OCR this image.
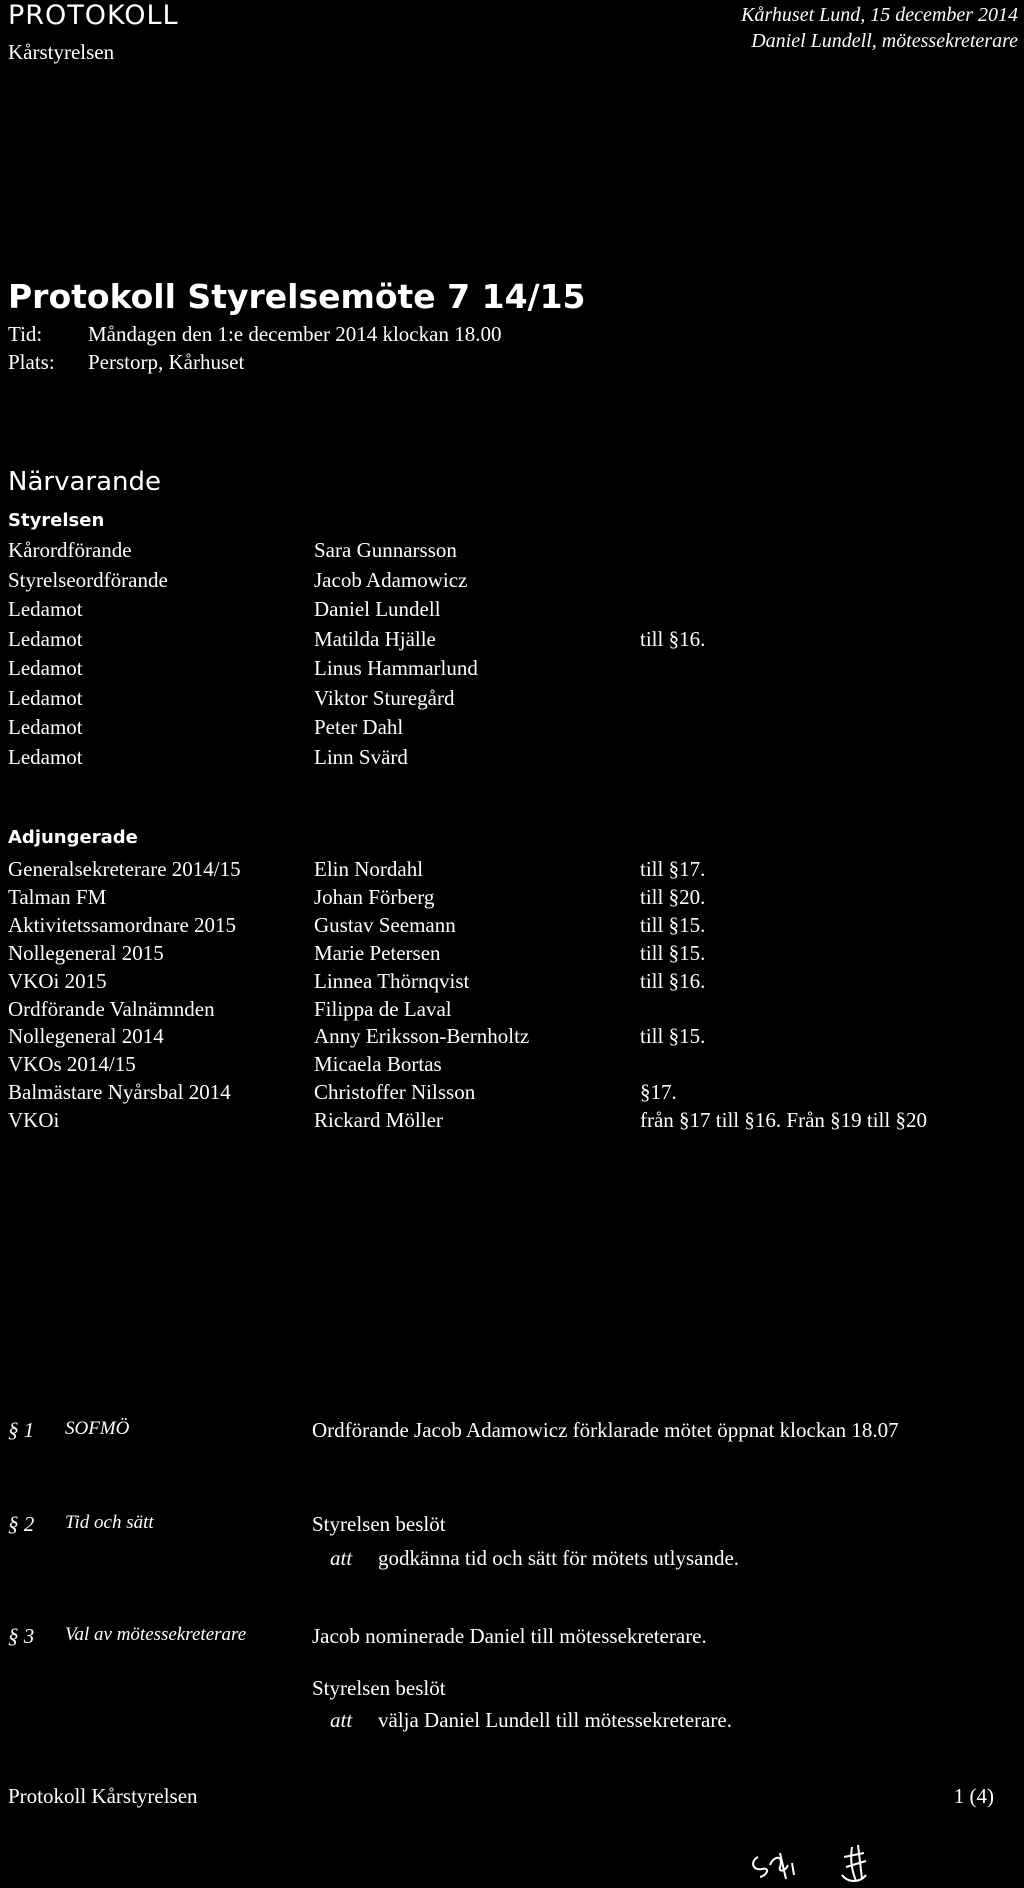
PROTOKOLL
Kårstyrelsen
Kårhuset Lund, 15 december 2014
Daniel Lundell, mötessekreterare
Protokoll Styrelsemöte 7 14/15
Tid: Måndagen den 1:e december 2014 klockan 18.00
Plats: Perstorp, Kårhuset
Närvarande
Styrelsen
Kårordförande	Sara Gunnarsson
Styrelseordförande	Jacob Adamowicz
Ledamot	Daniel Lundell
Ledamot	Matilda Hjälle	till §16.
Ledamot	Linus Hammarlund
Ledamot	Viktor Sturegård
Ledamot	Peter Dahl
Ledamot	Linn Svärd
Adjungerade
Generalsekreterare 2014/15	Elin Nordahl	till §17.
Talman FM	Johan Förberg	till §20.
Aktivitetssamordnare 2015	Gustav Seemann	till §15.
Nollegeneral 2015	Marie Petersen	till §15.
VKOi 2015	Linnea Thörnqvist	till §16.
Ordförande Valnämnden	Filippa de Laval
Nollegeneral 2014	Anny Eriksson-Bernholtz	till §15.
VKOs 2014/15	Micaela Bortas
Balmästare Nyårsbal 2014	Christoffer Nilsson	§17.
VKOi	Rickard Möller	från §17 till §16. Från §19 till §20
§ 1 SOFMÖ	Ordförande Jacob Adamowicz förklarade mötet öppnat klockan 18.07
§ 2 Tid och sätt	Styrelsen beslöt
att godkänna tid och sätt för mötets utlysande.
§ 3 Val av mötessekreterare	Jacob nominerade Daniel till mötessekreterare.
Styrelsen beslöt
att välja Daniel Lundell till mötessekreterare.
Protokoll Kårstyrelsen	1 (4)
